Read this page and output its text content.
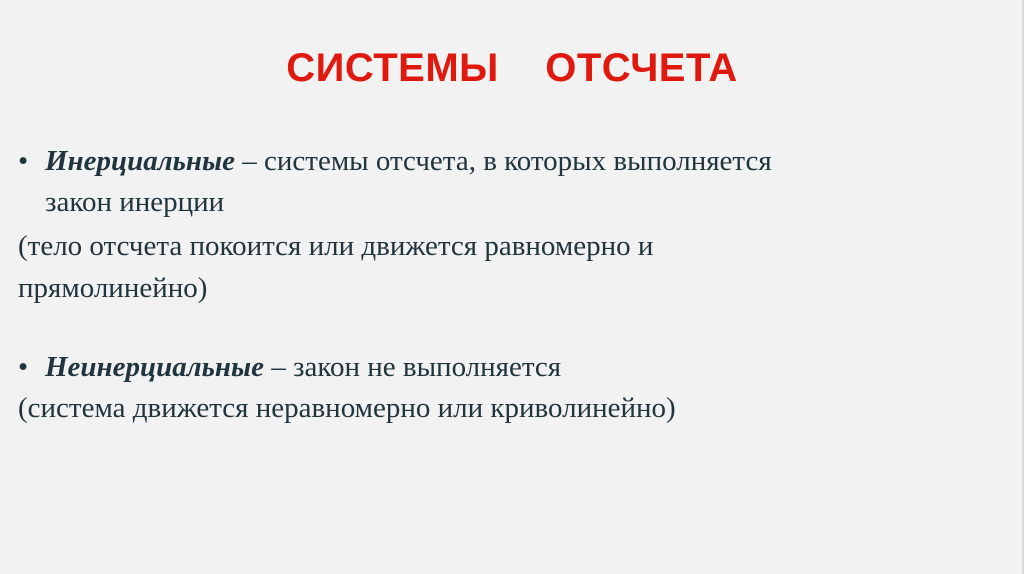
СИСТЕМЫ    ОТСЧЕТА
• Инерциальные – системы отсчета, в которых выполняется
закон инерции
(тело отсчета покоится или движется равномерно и
прямолинейно)
• Неинерциальные – закон не выполняется
(система движется неравномерно или криволинейно)
